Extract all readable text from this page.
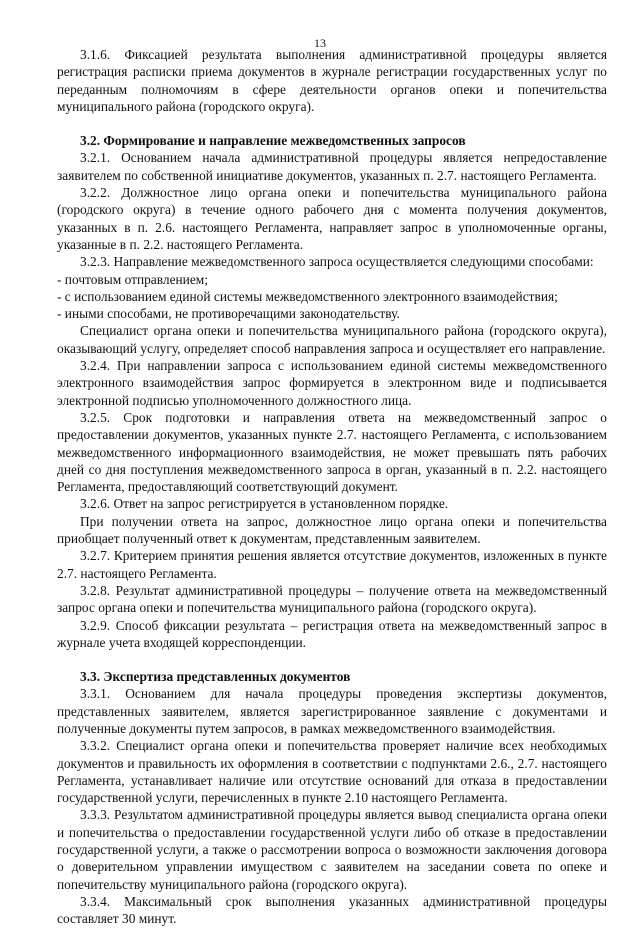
13

3.1.6. Фиксацией результата выполнения административной процедуры является регистрация расписки приема документов в журнале регистрации государственных услуг по переданным полномочиям в сфере деятельности органов опеки и попечительства муниципального района (городского округа).

3.2. Формирование и направление межведомственных запросов

3.2.1. Основанием начала административной процедуры является непредоставление заявителем по собственной инициативе документов, указанных п. 2.7. настоящего Регламента.

3.2.2. Должностное лицо органа опеки и попечительства муниципального района (городского округа) в течение одного рабочего дня с момента получения документов, указанных в п. 2.6. настоящего Регламента, направляет запрос в уполномоченные органы, указанные в п. 2.2. настоящего Регламента.

3.2.3. Направление межведомственного запроса осуществляется следующими способами:

- почтовым отправлением;

- с использованием единой системы межведомственного электронного взаимодействия;

- иными способами, не противоречащими законодательству.

Специалист органа опеки и попечительства муниципального района (городского округа), оказывающий услугу, определяет способ направления запроса и осуществляет его направление.

3.2.4. При направлении запроса с использованием единой системы межведомственного электронного взаимодействия запрос формируется в электронном виде и подписывается электронной подписью уполномоченного должностного лица.

3.2.5. Срок подготовки и направления ответа на межведомственный запрос о предоставлении документов, указанных пункте 2.7. настоящего Регламента, с использованием межведомственного информационного взаимодействия, не может превышать пять рабочих дней со дня поступления межведомственного запроса в орган, указанный в п. 2.2. настоящего Регламента, предоставляющий соответствующий документ.

3.2.6. Ответ на запрос регистрируется в установленном порядке.

При получении ответа на запрос, должностное лицо органа опеки и попечительства приобщает полученный ответ к документам, представленным заявителем.

3.2.7. Критерием принятия решения является отсутствие документов, изложенных в пункте 2.7. настоящего Регламента.

3.2.8. Результат административной процедуры – получение ответа на межведомственный запрос органа опеки и попечительства муниципального района (городского округа).

3.2.9. Способ фиксации результата – регистрация ответа на межведомственный запрос в журнале учета входящей корреспонденции.

3.3. Экспертиза представленных документов

3.3.1. Основанием для начала процедуры проведения экспертизы документов, представленных заявителем, является зарегистрированное заявление с документами и полученные документы путем запросов, в рамках межведомственного взаимодействия.

3.3.2. Специалист органа опеки и попечительства проверяет наличие всех необходимых документов и правильность их оформления в соответствии с подпунктами 2.6., 2.7. настоящего Регламента, устанавливает наличие или отсутствие оснований для отказа в предоставлении государственной услуги, перечисленных в пункте 2.10 настоящего Регламента.

3.3.3. Результатом административной процедуры является вывод специалиста органа опеки и попечительства о предоставлении государственной услуги либо об отказе в предоставлении государственной услуги, а также о рассмотрении вопроса о возможности заключения договора о доверительном управлении имуществом с заявителем на заседании совета по опеке и попечительству муниципального района (городского округа).

3.3.4. Максимальный срок выполнения указанных административной процедуры составляет 30 минут.
